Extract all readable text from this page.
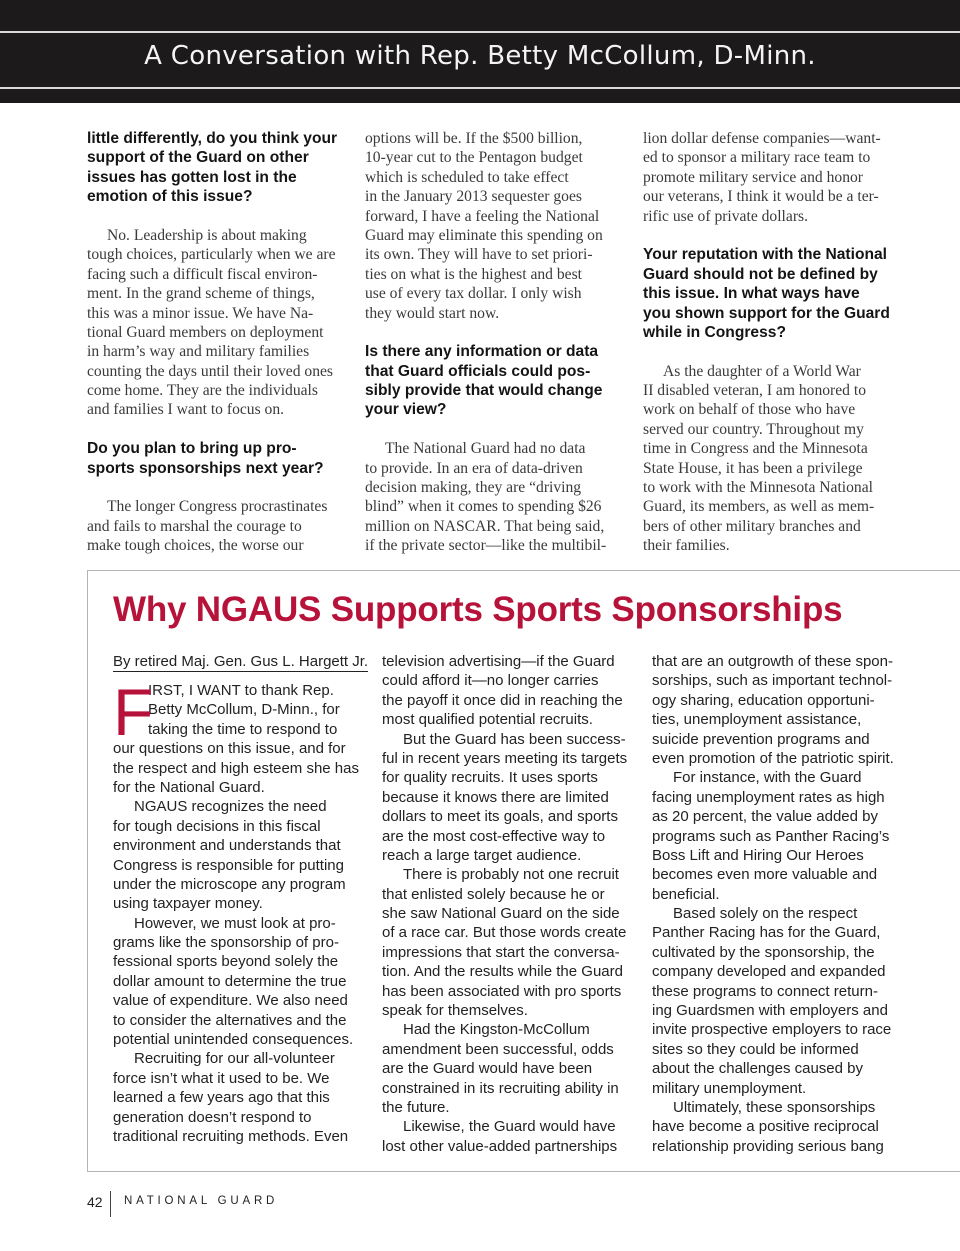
A Conversation with Rep. Betty McCollum, D-Minn.
little differently, do you think your
support of the Guard on other
issues has gotten lost in the
emotion of this issue?
No. Leadership is about making
tough choices, particularly when we are
facing such a difficult fiscal environ-
ment. In the grand scheme of things,
this was a minor issue. We have Na-
tional Guard members on deployment
in harm’s way and military families
counting the days until their loved ones
come home. They are the individuals
and families I want to focus on.
Do you plan to bring up pro-
sports sponsorships next year?
The longer Congress procrastinates
and fails to marshal the courage to
make tough choices, the worse our
options will be. If the $500 billion,
10-year cut to the Pentagon budget
which is scheduled to take effect
in the January 2013 sequester goes
forward, I have a feeling the National
Guard may eliminate this spending on
its own. They will have to set priori-
ties on what is the highest and best
use of every tax dollar. I only wish
they would start now.
Is there any information or data
that Guard officials could pos-
sibly provide that would change
your view?
The National Guard had no data
to provide. In an era of data-driven
decision making, they are “driving
blind” when it comes to spending $26
million on NASCAR. That being said,
if the private sector—like the multibil-
lion dollar defense companies—want-
ed to sponsor a military race team to
promote military service and honor
our veterans, I think it would be a ter-
rific use of private dollars.
Your reputation with the National
Guard should not be defined by
this issue. In what ways have
you shown support for the Guard
while in Congress?
As the daughter of a World War
II disabled veteran, I am honored to
work on behalf of those who have
served our country. Throughout my
time in Congress and the Minnesota
State House, it has been a privilege
to work with the Minnesota National
Guard, its members, as well as mem-
bers of other military branches and
their families.
Why NGAUS Supports Sports Sponsorships
By retired Maj. Gen. Gus L. Hargett Jr.
F
IRST, I WANT to thank Rep.
Betty McCollum, D-Minn., for
taking the time to respond to
our questions on this issue, and for
the respect and high esteem she has
for the National Guard.
NGAUS recognizes the need
for tough decisions in this fiscal
environment and understands that
Congress is responsible for putting
under the microscope any program
using taxpayer money.
However, we must look at pro-
grams like the sponsorship of pro-
fessional sports beyond solely the
dollar amount to determine the true
value of expenditure. We also need
to consider the alternatives and the
potential unintended consequences.
Recruiting for our all-volunteer
force isn’t what it used to be. We
learned a few years ago that this
generation doesn’t respond to
traditional recruiting methods. Even
television advertising—if the Guard
could afford it—no longer carries
the payoff it once did in reaching the
most qualified potential recruits.
But the Guard has been success-
ful in recent years meeting its targets
for quality recruits. It uses sports
because it knows there are limited
dollars to meet its goals, and sports
are the most cost-effective way to
reach a large target audience.
There is probably not one recruit
that enlisted solely because he or
she saw National Guard on the side
of a race car. But those words create
impressions that start the conversa-
tion. And the results while the Guard
has been associated with pro sports
speak for themselves.
Had the Kingston-McCollum
amendment been successful, odds
are the Guard would have been
constrained in its recruiting ability in
the future.
Likewise, the Guard would have
lost other value-added partnerships
that are an outgrowth of these spon-
sorships, such as important technol-
ogy sharing, education opportuni-
ties, unemployment assistance,
suicide prevention programs and
even promotion of the patriotic spirit.
For instance, with the Guard
facing unemployment rates as high
as 20 percent, the value added by
programs such as Panther Racing’s
Boss Lift and Hiring Our Heroes
becomes even more valuable and
beneficial.
Based solely on the respect
Panther Racing has for the Guard,
cultivated by the sponsorship, the
company developed and expanded
these programs to connect return-
ing Guardsmen with employers and
invite prospective employers to race
sites so they could be informed
about the challenges caused by
military unemployment.
Ultimately, these sponsorships
have become a positive reciprocal
relationship providing serious bang
42 NATIONAL GUARD
